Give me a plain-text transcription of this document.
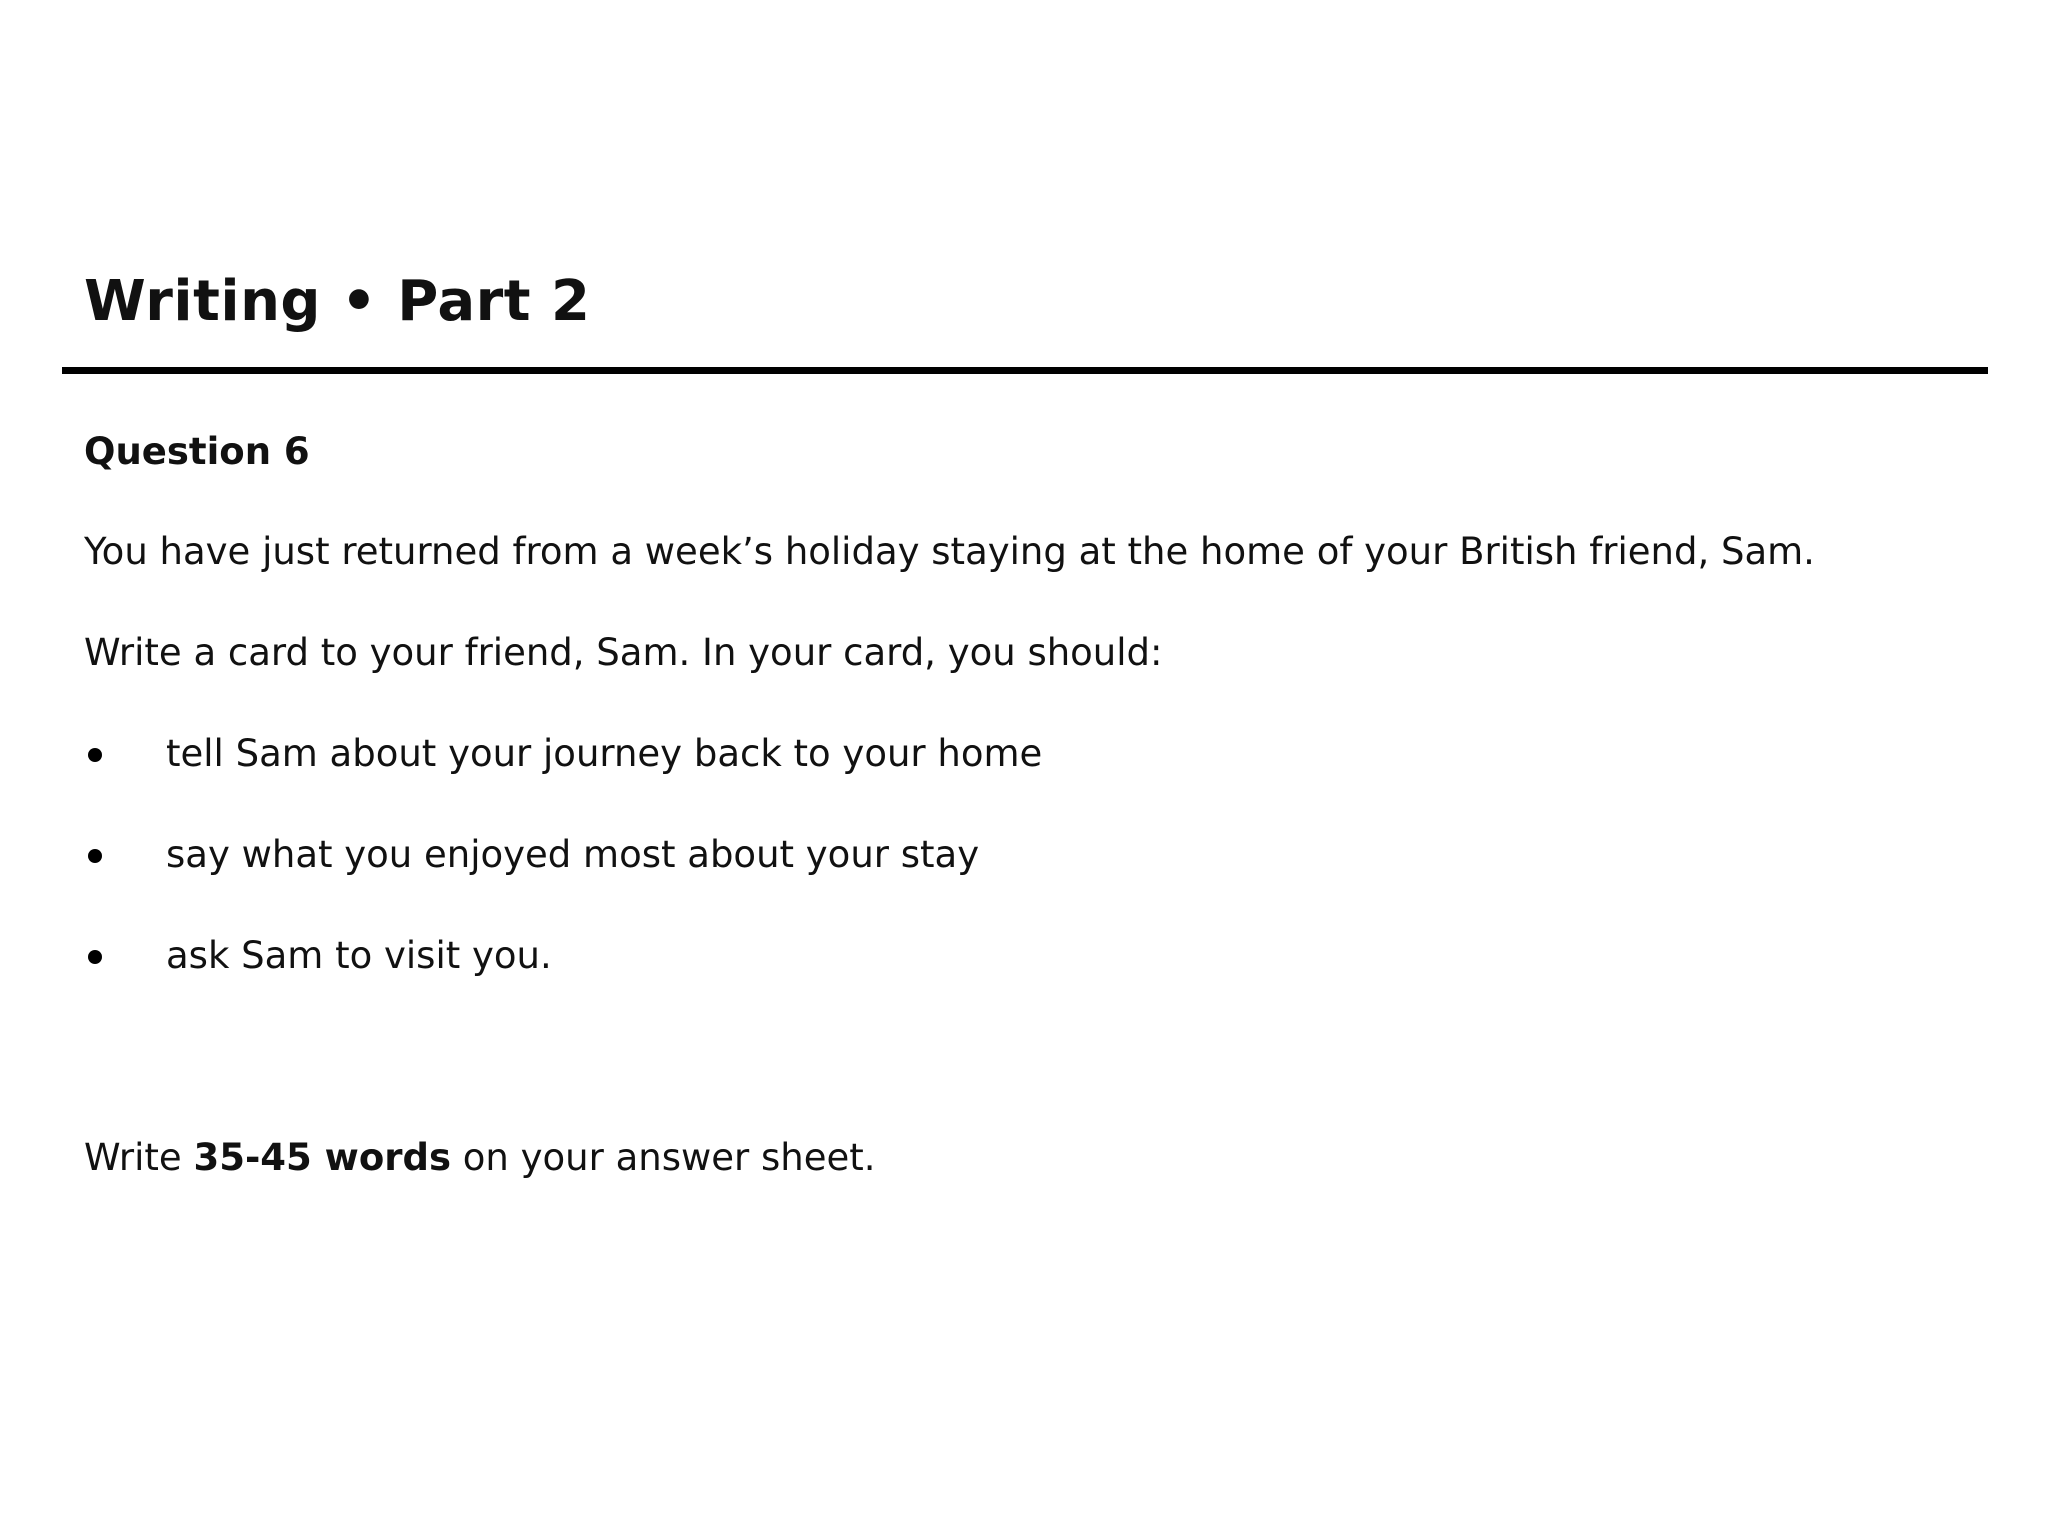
Writing • Part 2
Question 6

You have just returned from a week’s holiday staying at the home of your British friend, Sam.

Write a card to your friend, Sam. In your card, you should:

tell Sam about your journey back to your home
say what you enjoyed most about your stay
ask Sam to visit you.

Write 35-45 words on your answer sheet.
